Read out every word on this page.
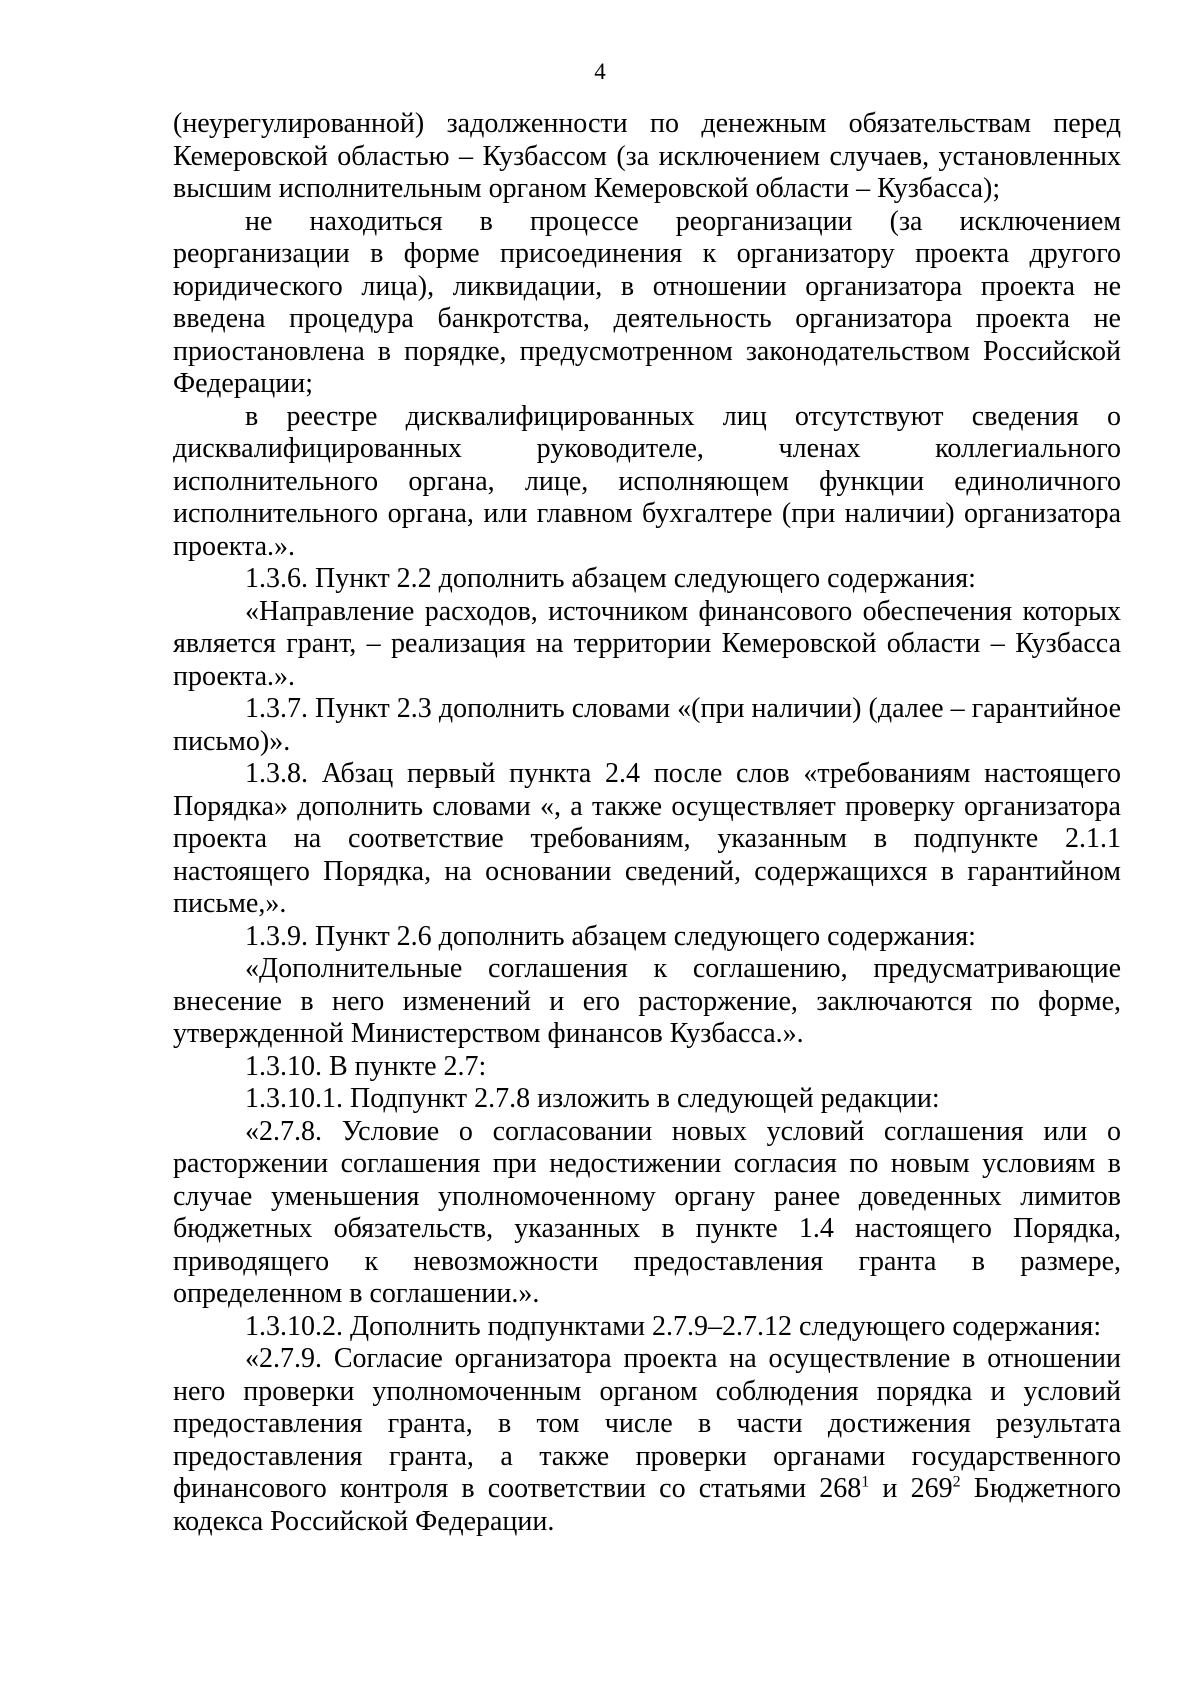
4

(неурегулированной) задолженности по денежным обязательствам перед Кемеровской областью – Кузбассом (за исключением случаев, установленных высшим исполнительным органом Кемеровской области – Кузбасса);

не находиться в процессе реорганизации (за исключением реорганизации в форме присоединения к организатору проекта другого юридического лица), ликвидации, в отношении организатора проекта не введена процедура банкротства, деятельность организатора проекта не приостановлена в порядке, предусмотренном законодательством Российской Федерации;

в реестре дисквалифицированных лиц отсутствуют сведения о дисквалифицированных руководителе, членах коллегиального исполнительного органа, лице, исполняющем функции единоличного исполнительного органа, или главном бухгалтере (при наличии) организатора проекта.».

1.3.6. Пункт 2.2 дополнить абзацем следующего содержания:

«Направление расходов, источником финансового обеспечения которых является грант, – реализация на территории Кемеровской области – Кузбасса проекта.».

1.3.7. Пункт 2.3 дополнить словами «(при наличии) (далее – гарантийное письмо)».

1.3.8. Абзац первый пункта 2.4 после слов «требованиям настоящего Порядка» дополнить словами «, а также осуществляет проверку организатора проекта на соответствие требованиям, указанным в подпункте 2.1.1 настоящего Порядка, на основании сведений, содержащихся в гарантийном письме,».

1.3.9. Пункт 2.6 дополнить абзацем следующего содержания:

«Дополнительные соглашения к соглашению, предусматривающие внесение в него изменений и его расторжение, заключаются по форме, утвержденной Министерством финансов Кузбасса.».

1.3.10. В пункте 2.7:

1.3.10.1. Подпункт 2.7.8 изложить в следующей редакции:

«2.7.8. Условие о согласовании новых условий соглашения или о расторжении соглашения при недостижении согласия по новым условиям в случае уменьшения уполномоченному органу ранее доведенных лимитов бюджетных обязательств, указанных в пункте 1.4 настоящего Порядка, приводящего к невозможности предоставления гранта в размере, определенном в соглашении.».

1.3.10.2. Дополнить подпунктами 2.7.9–2.7.12 следующего содержания:

«2.7.9. Согласие организатора проекта на осуществление в отношении него проверки уполномоченным органом соблюдения порядка и условий предоставления гранта, в том числе в части достижения результата предоставления гранта, а также проверки органами государственного финансового контроля в соответствии со статьями $268^1$ и $269^2$ Бюджетного кодекса Российской Федерации.
